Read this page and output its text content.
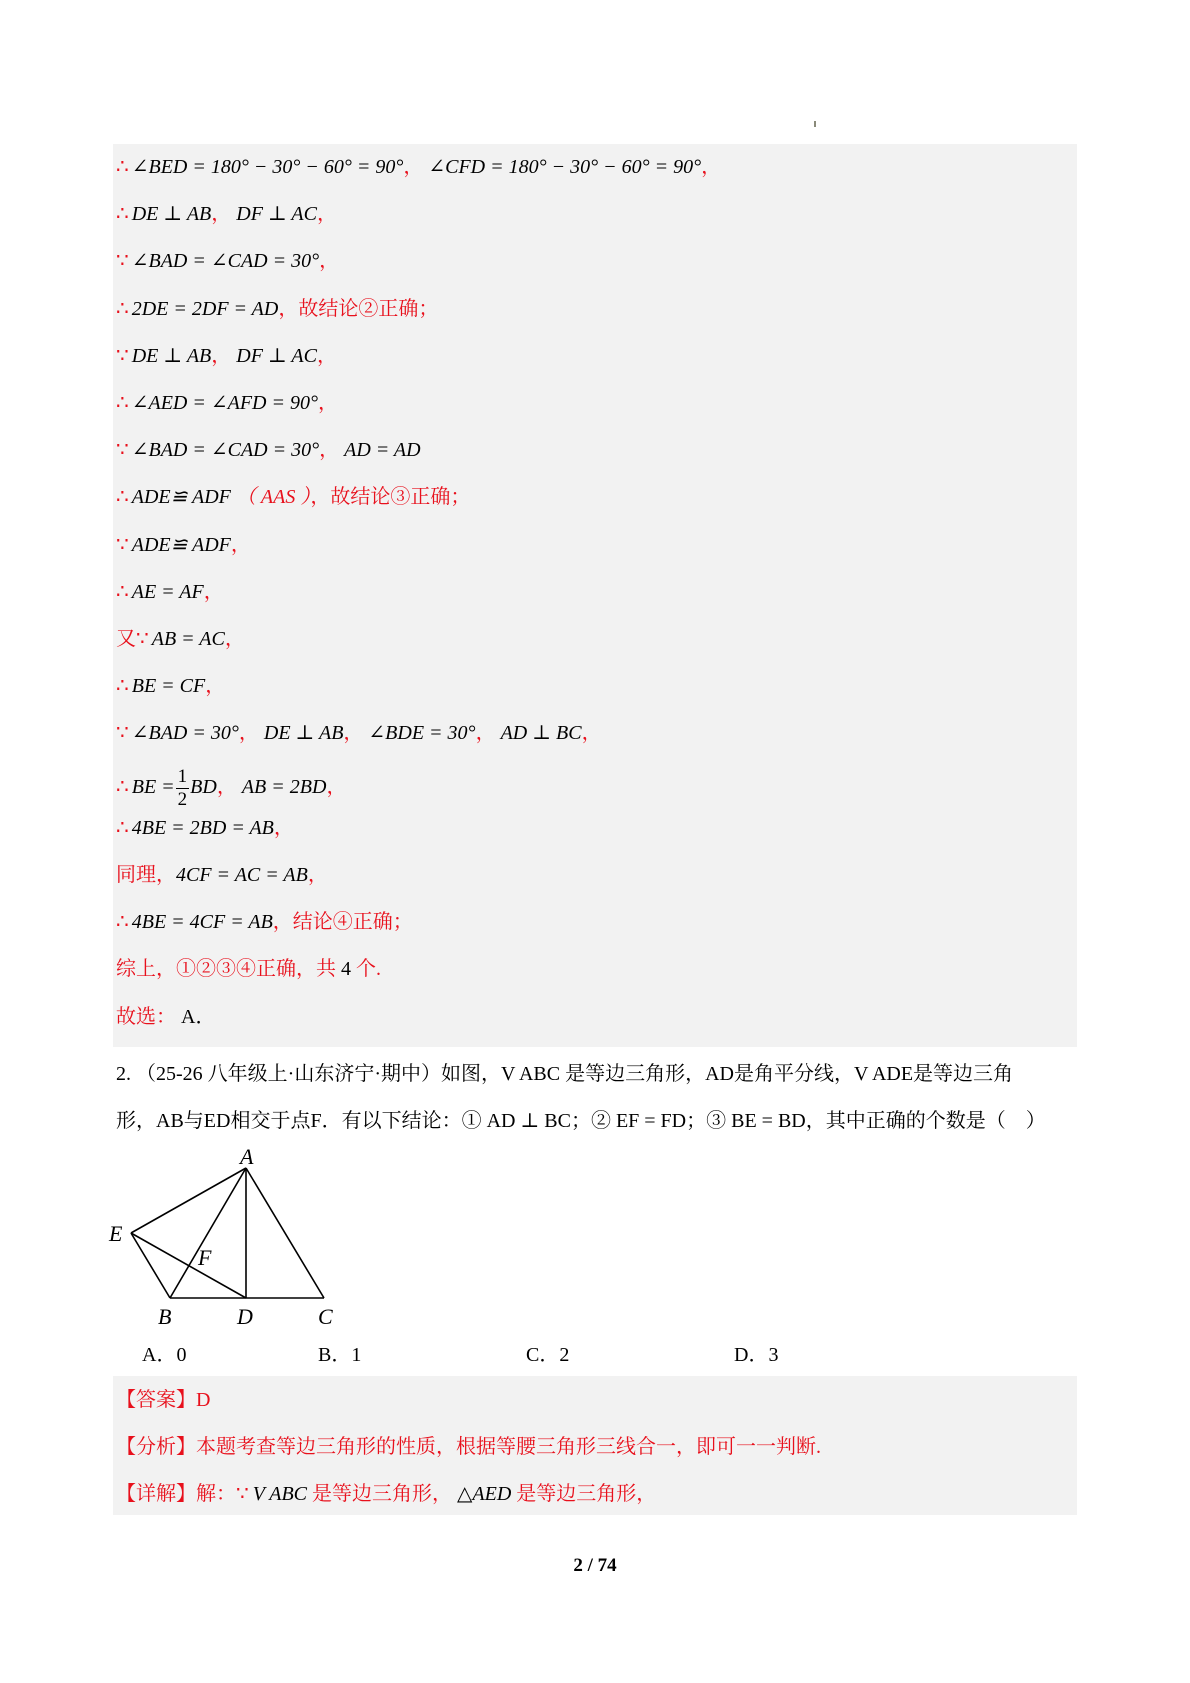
∴ ∠BED = 180° − 30° − 60° = 90°， ∠CFD = 180° − 30° − 60° = 90°，
∴ DE ⊥ AB， DF ⊥ AC，
∵ ∠BAD = ∠CAD = 30°，
∴ 2DE = 2DF = AD，故结论②正确；
∵ DE ⊥ AB， DF ⊥ AC，
∴ ∠AED = ∠AFD = 90°，
∵ ∠BAD = ∠CAD = 30°， AD = AD
∴ ADE≌ ADF （ AAS ），故结论③正确；
∵ ADE≌ ADF，
∴ AE = AF，
又∵ AB = AC，
∴ BE = CF，
∵ ∠BAD = 30°， DE ⊥ AB， ∠BDE = 30°， AD ⊥ BC，
∴ BE = $\frac{1}{2}$ BD， AB = 2BD，
∴ 4BE = 2BD = AB，
同理，4CF = AC = AB，
∴ 4BE = 4CF = AB，结论④正确；
综上，①②③④正确，共 4 个.
故选： A．
2. （25-26 八年级上·山东济宁·期中）如图，V ABC 是等边三角形，AD是角平分线，V ADE是等边三角
形，AB与ED相交于点F．有以下结论：① AD ⊥ BC；② EF = FD；③ BE = BD，其中正确的个数是（　）
A
B	C
D
E
F
A．0	B．1	C．2	D．3
【答案】D
【分析】本题考查等边三角形的性质，根据等腰三角形三线合一，即可一一判断.
【详解】解：∵ V ABC 是等边三角形， △AED 是等边三角形，
2 / 74
